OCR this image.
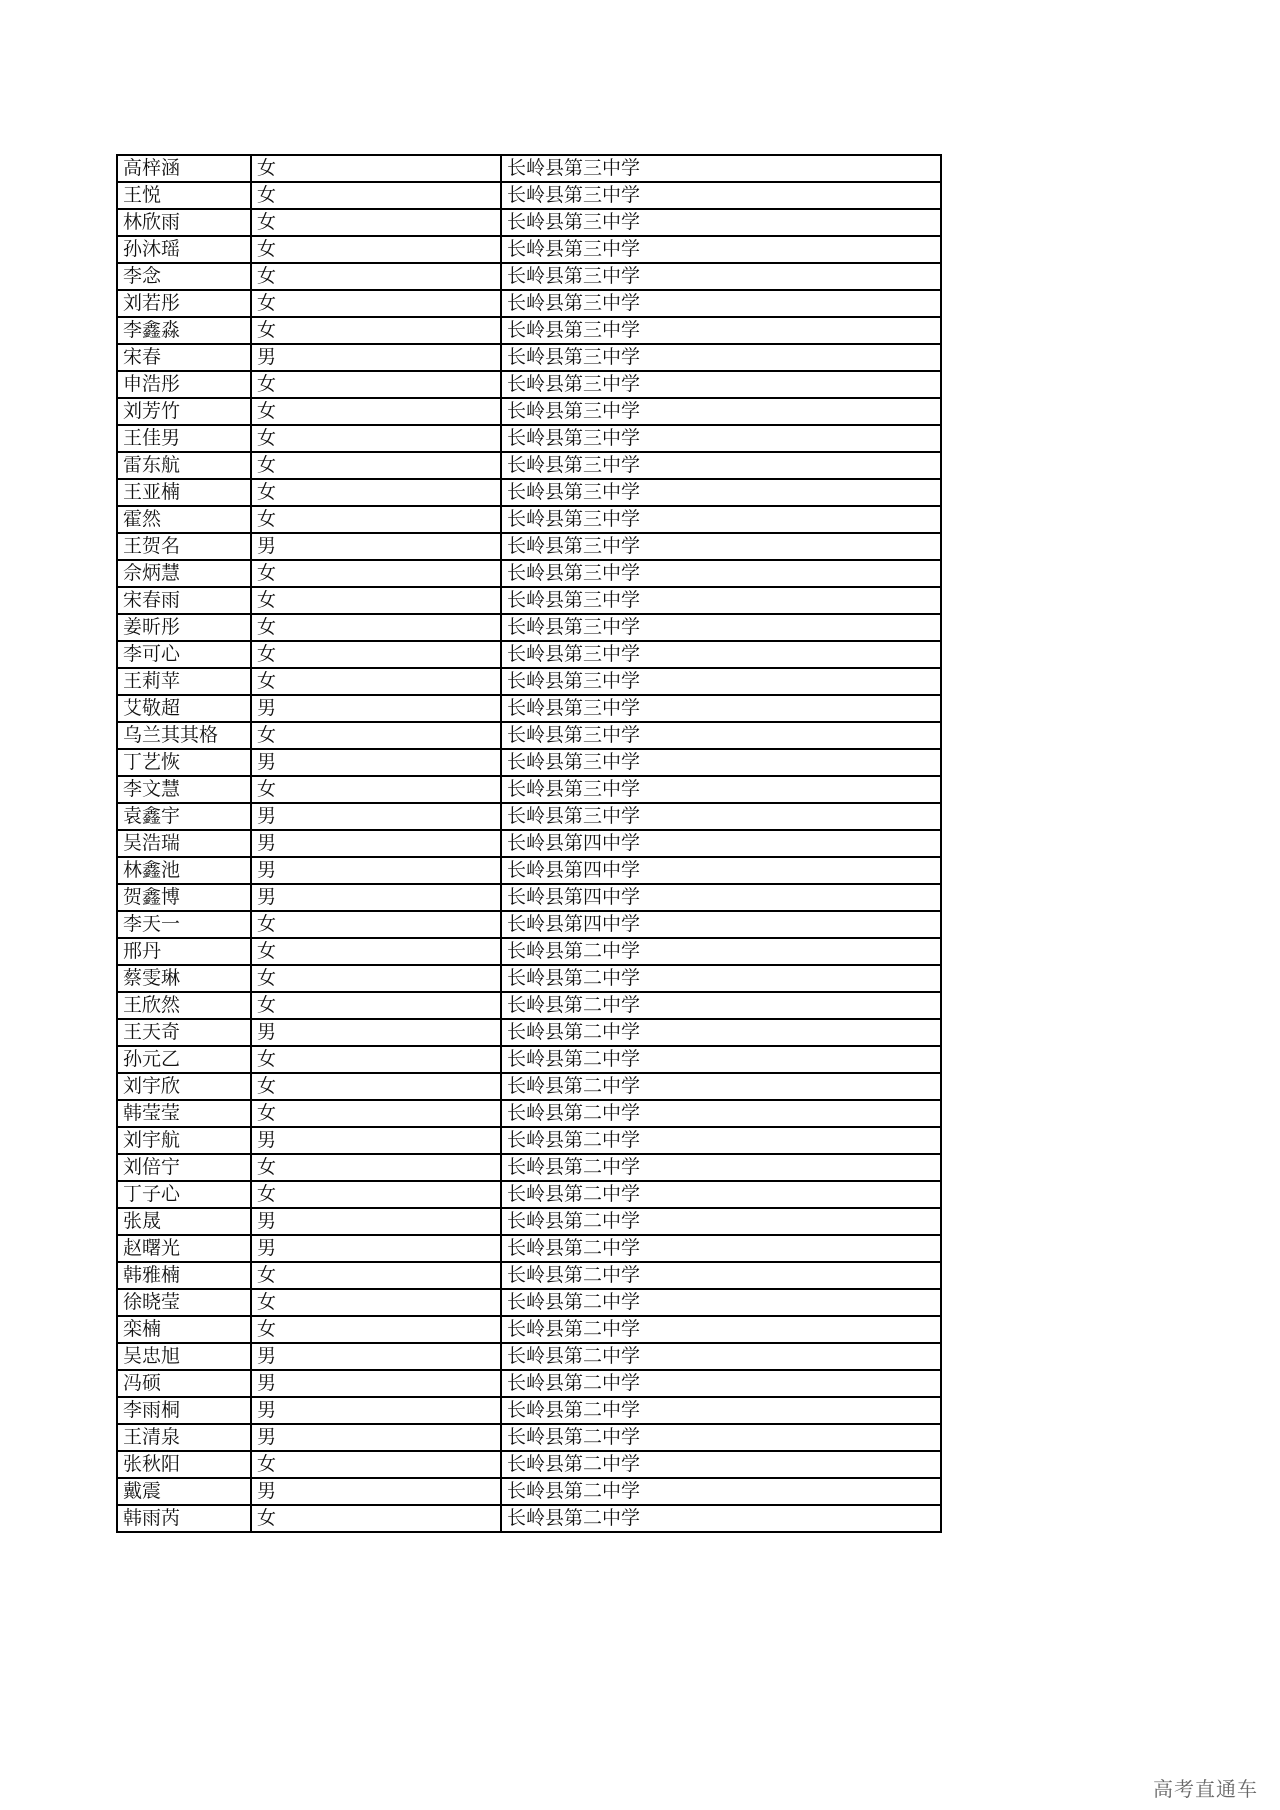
高梓涵	女	长岭县第三中学
王悦	女	长岭县第三中学
林欣雨	女	长岭县第三中学
孙沐瑶	女	长岭县第三中学
李念	女	长岭县第三中学
刘若彤	女	长岭县第三中学
李鑫淼	女	长岭县第三中学
宋春	男	长岭县第三中学
申浩彤	女	长岭县第三中学
刘芳竹	女	长岭县第三中学
王佳男	女	长岭县第三中学
雷东航	女	长岭县第三中学
王亚楠	女	长岭县第三中学
霍然	女	长岭县第三中学
王贺名	男	长岭县第三中学
佘炳慧	女	长岭县第三中学
宋春雨	女	长岭县第三中学
姜昕彤	女	长岭县第三中学
李可心	女	长岭县第三中学
王莉苹	女	长岭县第三中学
艾敬超	男	长岭县第三中学
乌兰其其格	女	长岭县第三中学
丁艺恢	男	长岭县第三中学
李文慧	女	长岭县第三中学
袁鑫宇	男	长岭县第三中学
吴浩瑞	男	长岭县第四中学
林鑫池	男	长岭县第四中学
贺鑫博	男	长岭县第四中学
李天一	女	长岭县第四中学
邢丹	女	长岭县第二中学
蔡雯琳	女	长岭县第二中学
王欣然	女	长岭县第二中学
王天奇	男	长岭县第二中学
孙元乙	女	长岭县第二中学
刘宇欣	女	长岭县第二中学
韩莹莹	女	长岭县第二中学
刘宇航	男	长岭县第二中学
刘倍宁	女	长岭县第二中学
丁子心	女	长岭县第二中学
张晟	男	长岭县第二中学
赵曙光	男	长岭县第二中学
韩雅楠	女	长岭县第二中学
徐晓莹	女	长岭县第二中学
栾楠	女	长岭县第二中学
吴忠旭	男	长岭县第二中学
冯硕	男	长岭县第二中学
李雨桐	男	长岭县第二中学
王清泉	男	长岭县第二中学
张秋阳	女	长岭县第二中学
戴震	男	长岭县第二中学
韩雨芮	女	长岭县第二中学
高考直通车
